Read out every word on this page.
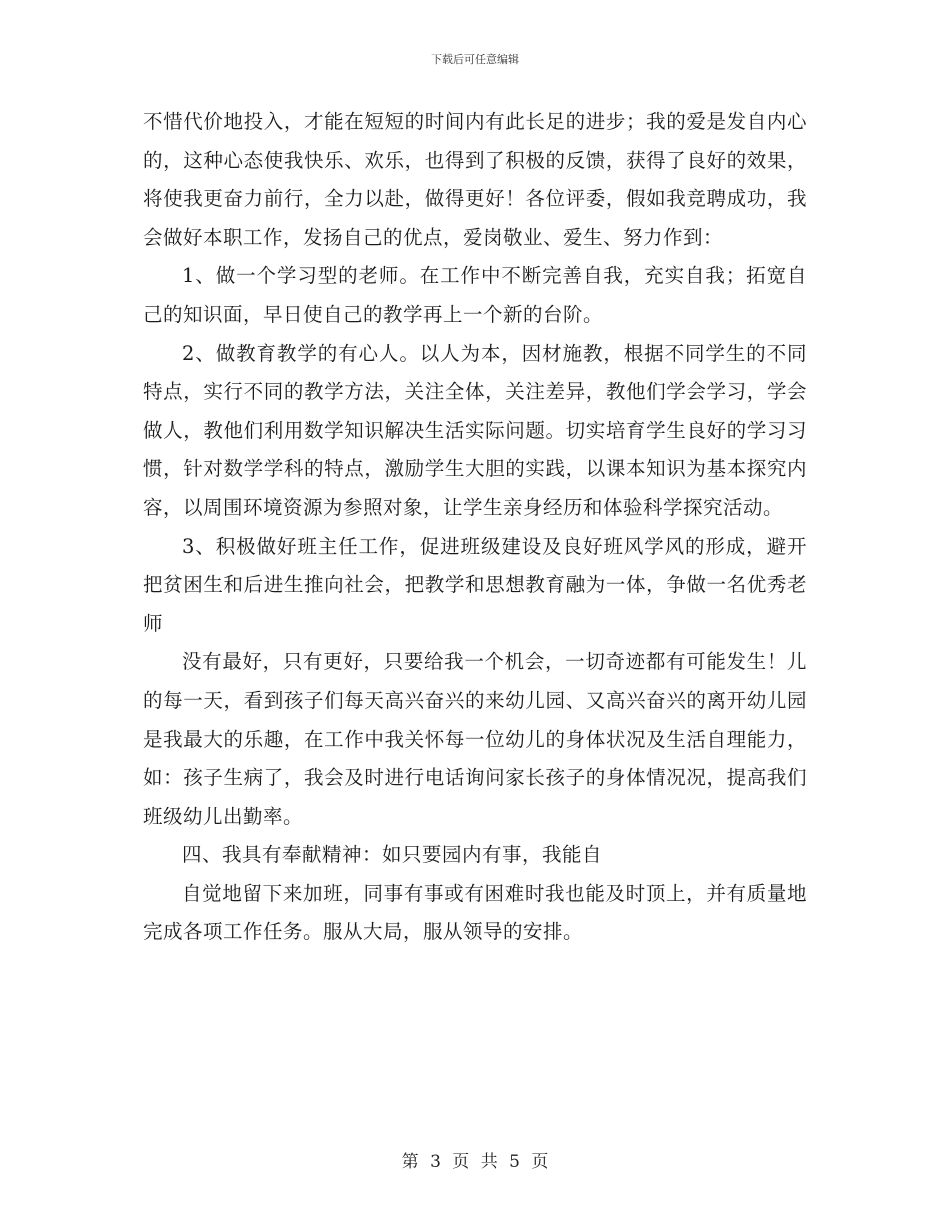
下载后可任意编辑

不惜代价地投入，才能在短短的时间内有此长足的进步；我的爱是发自内心的，这种心态使我快乐、欢乐，也得到了积极的反馈，获得了良好的效果，将使我更奋力前行，全力以赴，做得更好！各位评委，假如我竞聘成功，我会做好本职工作，发扬自己的优点，爱岗敬业、爱生、努力作到：

1、做一个学习型的老师。在工作中不断完善自我，充实自我；拓宽自己的知识面，早日使自己的教学再上一个新的台阶。

2、做教育教学的有心人。以人为本，因材施教，根据不同学生的不同特点，实行不同的教学方法，关注全体，关注差异，教他们学会学习，学会做人，教他们利用数学知识解决生活实际问题。切实培育学生良好的学习习惯，针对数学学科的特点，激励学生大胆的实践，以课本知识为基本探究内容，以周围环境资源为参照对象，让学生亲身经历和体验科学探究活动。

3、积极做好班主任工作，促进班级建设及良好班风学风的形成，避开把贫困生和后进生推向社会，把教学和思想教育融为一体，争做一名优秀老师

没有最好，只有更好，只要给我一个机会，一切奇迹都有可能发生！儿的每一天，看到孩子们每天高兴奋兴的来幼儿园、又高兴奋兴的离开幼儿园是我最大的乐趣，在工作中我关怀每一位幼儿的身体状况及生活自理能力，如：孩子生病了，我会及时进行电话询问家长孩子的身体情况况，提高我们班级幼儿出勤率。

四、我具有奉献精神：如只要园内有事，我能自

自觉地留下来加班，同事有事或有困难时我也能及时顶上，并有质量地完成各项工作任务。服从大局，服从领导的安排。

第 3 页 共 5 页
